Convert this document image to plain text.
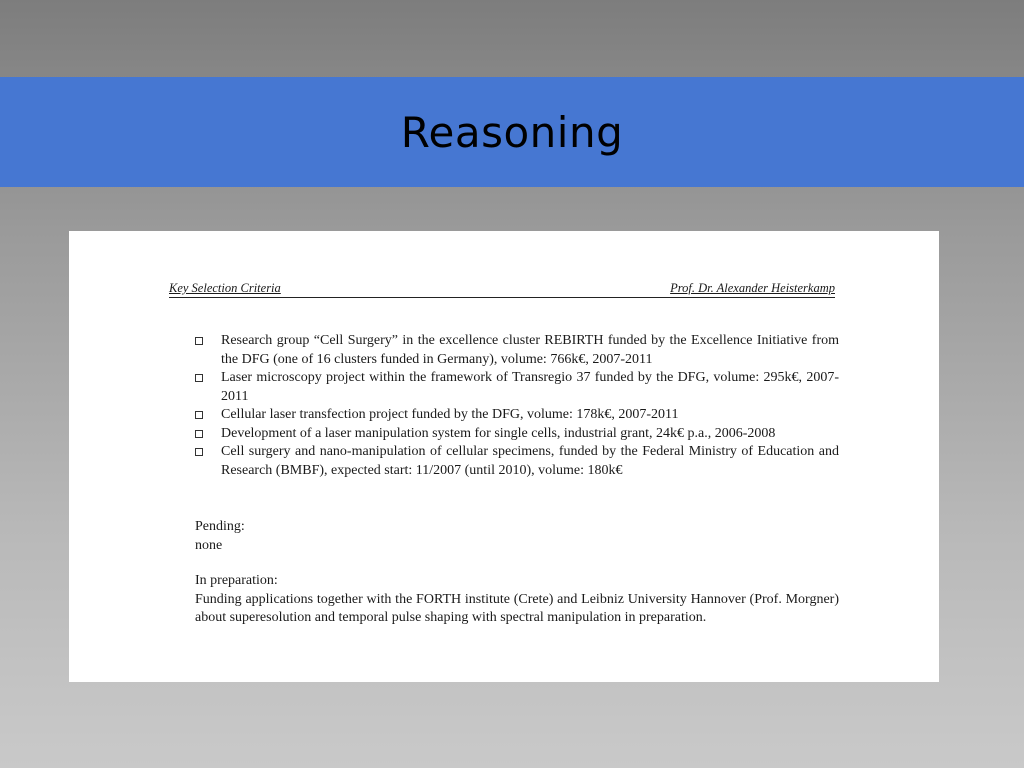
Reasoning
Key Selection Criteria	Prof. Dr. Alexander Heisterkamp
Research group “Cell Surgery” in the excellence cluster REBIRTH funded by the Excellence Initiative from the DFG (one of 16 clusters funded in Germany), volume: 766k€, 2007-2011
Laser microscopy project within the framework of Transregio 37 funded by the DFG, volume: 295k€, 2007-2011
Cellular laser transfection project funded by the DFG, volume: 178k€, 2007-2011
Development of a laser manipulation system for single cells, industrial grant, 24k€ p.a., 2006-2008
Cell surgery and nano-manipulation of cellular specimens, funded by the Federal Ministry of Education and Research (BMBF), expected start: 11/2007 (until 2010), volume: 180k€

Pending:

none

In preparation:

Funding applications together with the FORTH institute (Crete) and Leibniz University Hannover (Prof. Morgner) about superesolution and temporal pulse shaping with spectral manipulation in preparation.
